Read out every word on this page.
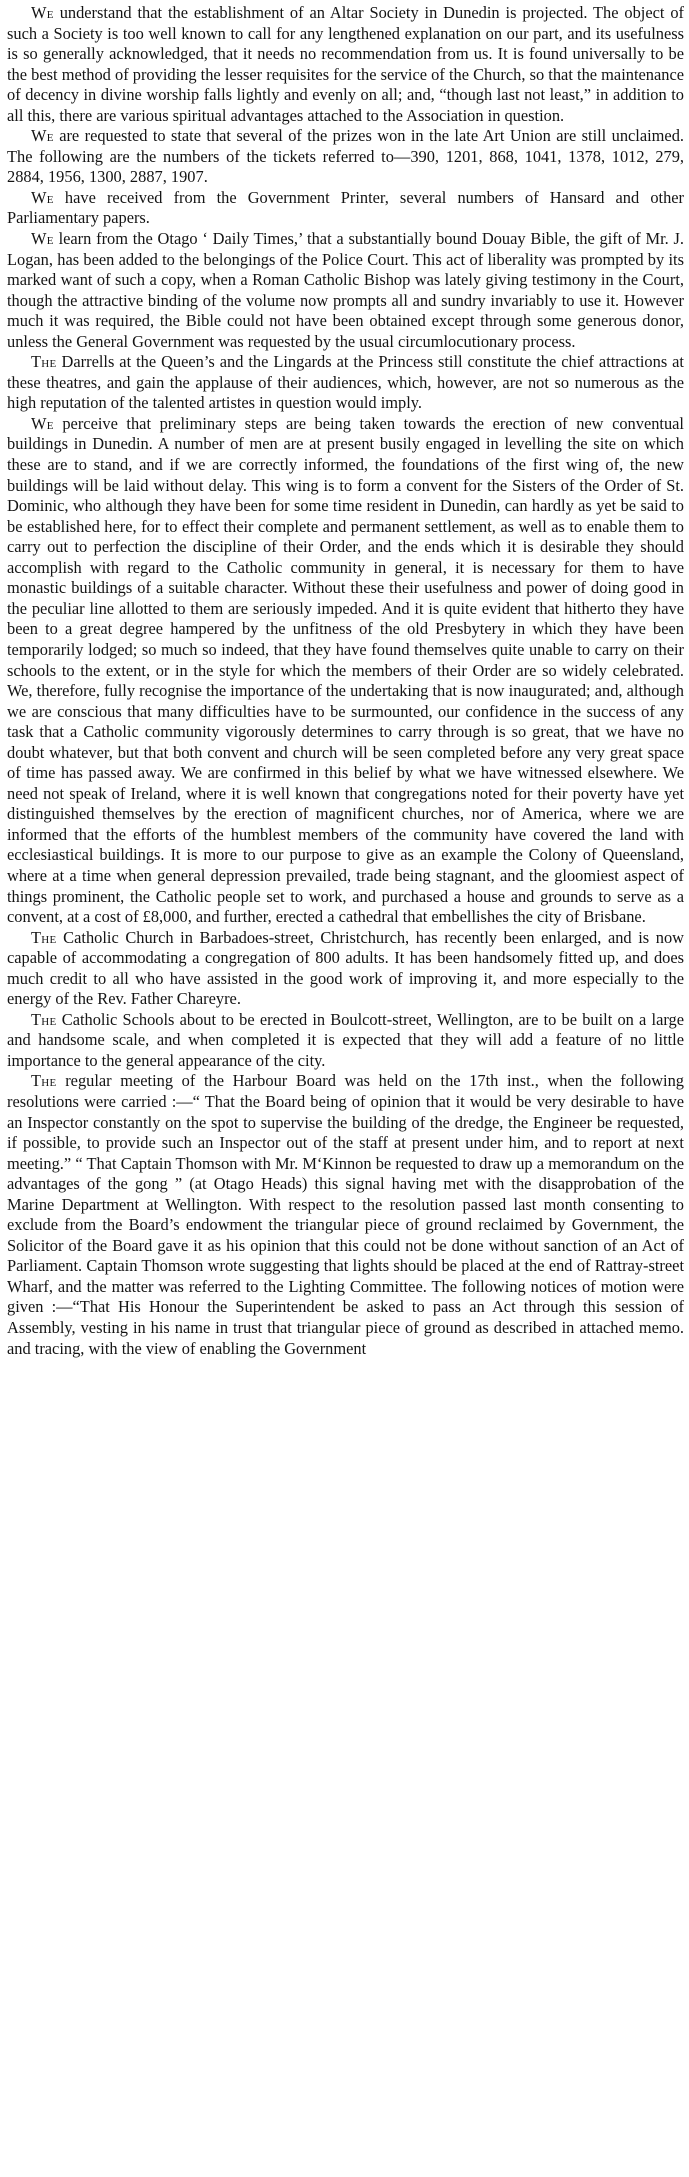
We understand that the establishment of an Altar Society in Dunedin is projected. The object of such a Society is too well known to call for any lengthened explanation on our part, and its usefulness is so generally acknowledged, that it needs no recommendation from us. It is found universally to be the best method of providing the lesser requisites for the service of the Church, so that the maintenance of decency in divine worship falls lightly and evenly on all; and, “though last not least,” in addition to all this, there are various spiritual advantages attached to the Association in question.

We are requested to state that several of the prizes won in the late Art Union are still unclaimed. The following are the numbers of the tickets referred to—390, 1201, 868, 1041, 1378, 1012, 279, 2884, 1956, 1300, 2887, 1907.

We have received from the Government Printer, several numbers of Hansard and other Parliamentary papers.

We learn from the Otago ‘ Daily Times,’ that a substantially bound Douay Bible, the gift of Mr. J. Logan, has been added to the belongings of the Police Court. This act of liberality was prompted by its marked want of such a copy, when a Roman Catholic Bishop was lately giving testimony in the Court, though the attractive binding of the volume now prompts all and sundry invariably to use it. However much it was required, the Bible could not have been obtained except through some generous donor, unless the General Government was requested by the usual circumlocutionary process.

The Darrells at the Queen’s and the Lingards at the Princess still constitute the chief attractions at these theatres, and gain the applause of their audiences, which, however, are not so numerous as the high reputation of the talented artistes in question would imply.

We perceive that preliminary steps are being taken towards the erection of new conventual buildings in Dunedin. A number of men are at present busily engaged in levelling the site on which these are to stand, and if we are correctly informed, the foundations of the first wing of, the new buildings will be laid without delay. This wing is to form a convent for the Sisters of the Order of St. Dominic, who although they have been for some time resident in Dunedin, can hardly as yet be said to be established here, for to effect their complete and permanent settlement, as well as to enable them to carry out to perfection the discipline of their Order, and the ends which it is desirable they should accomplish with regard to the Catholic community in general, it is necessary for them to have monastic buildings of a suitable character. Without these their usefulness and power of doing good in the peculiar line allotted to them are seriously impeded. And it is quite evident that hitherto they have been to a great degree hampered by the unfitness of the old Presbytery in which they have been temporarily lodged; so much so indeed, that they have found themselves quite unable to carry on their schools to the extent, or in the style for which the members of their Order are so widely celebrated. We, therefore, fully recognise the importance of the undertaking that is now inaugurated; and, although we are conscious that many difficulties have to be surmounted, our confidence in the success of any task that a Catholic community vigorously determines to carry through is so great, that we have no doubt whatever, but that both convent and church will be seen completed before any very great space of time has passed away. We are confirmed in this belief by what we have witnessed elsewhere. We need not speak of Ireland, where it is well known that congregations noted for their poverty have yet distinguished themselves by the erection of magnificent churches, nor of America, where we are informed that the efforts of the humblest members of the community have covered the land with ecclesiastical buildings. It is more to our purpose to give as an example the Colony of Queensland, where at a time when general depression prevailed, trade being stagnant, and the gloomiest aspect of things prominent, the Catholic people set to work, and purchased a house and grounds to serve as a convent, at a cost of £8,000, and further, erected a cathedral that embellishes the city of Brisbane.

The Catholic Church in Barbadoes-street, Christchurch, has recently been enlarged, and is now capable of accommodating a congregation of 800 adults. It has been handsomely fitted up, and does much credit to all who have assisted in the good work of improving it, and more especially to the energy of the Rev. Father Chareyre.

The Catholic Schools about to be erected in Boulcott-street, Wellington, are to be built on a large and handsome scale, and when completed it is expected that they will add a feature of no little importance to the general appearance of the city.

The regular meeting of the Harbour Board was held on the 17th inst., when the following resolutions were carried :—“ That the Board being of opinion that it would be very desirable to have an Inspector constantly on the spot to supervise the building of the dredge, the Engineer be requested, if possible, to provide such an Inspector out of the staff at present under him, and to report at next meeting.” “ That Captain Thomson with Mr. M‘Kinnon be requested to draw up a memorandum on the advantages of the gong ” (at Otago Heads) this signal having met with the disapprobation of the Marine Department at Wellington. With respect to the resolution passed last month consenting to exclude from the Board’s endowment the triangular piece of ground reclaimed by Government, the Solicitor of the Board gave it as his opinion that this could not be done without sanction of an Act of Parliament. Captain Thomson wrote suggesting that lights should be placed at the end of Rattray-street Wharf, and the matter was referred to the Lighting Committee. The following notices of motion were given :—“That His Honour the Superintendent be asked to pass an Act through this session of Assembly, vesting in his name in trust that triangular piece of ground as described in attached memo. and tracing, with the view of enabling the Government
